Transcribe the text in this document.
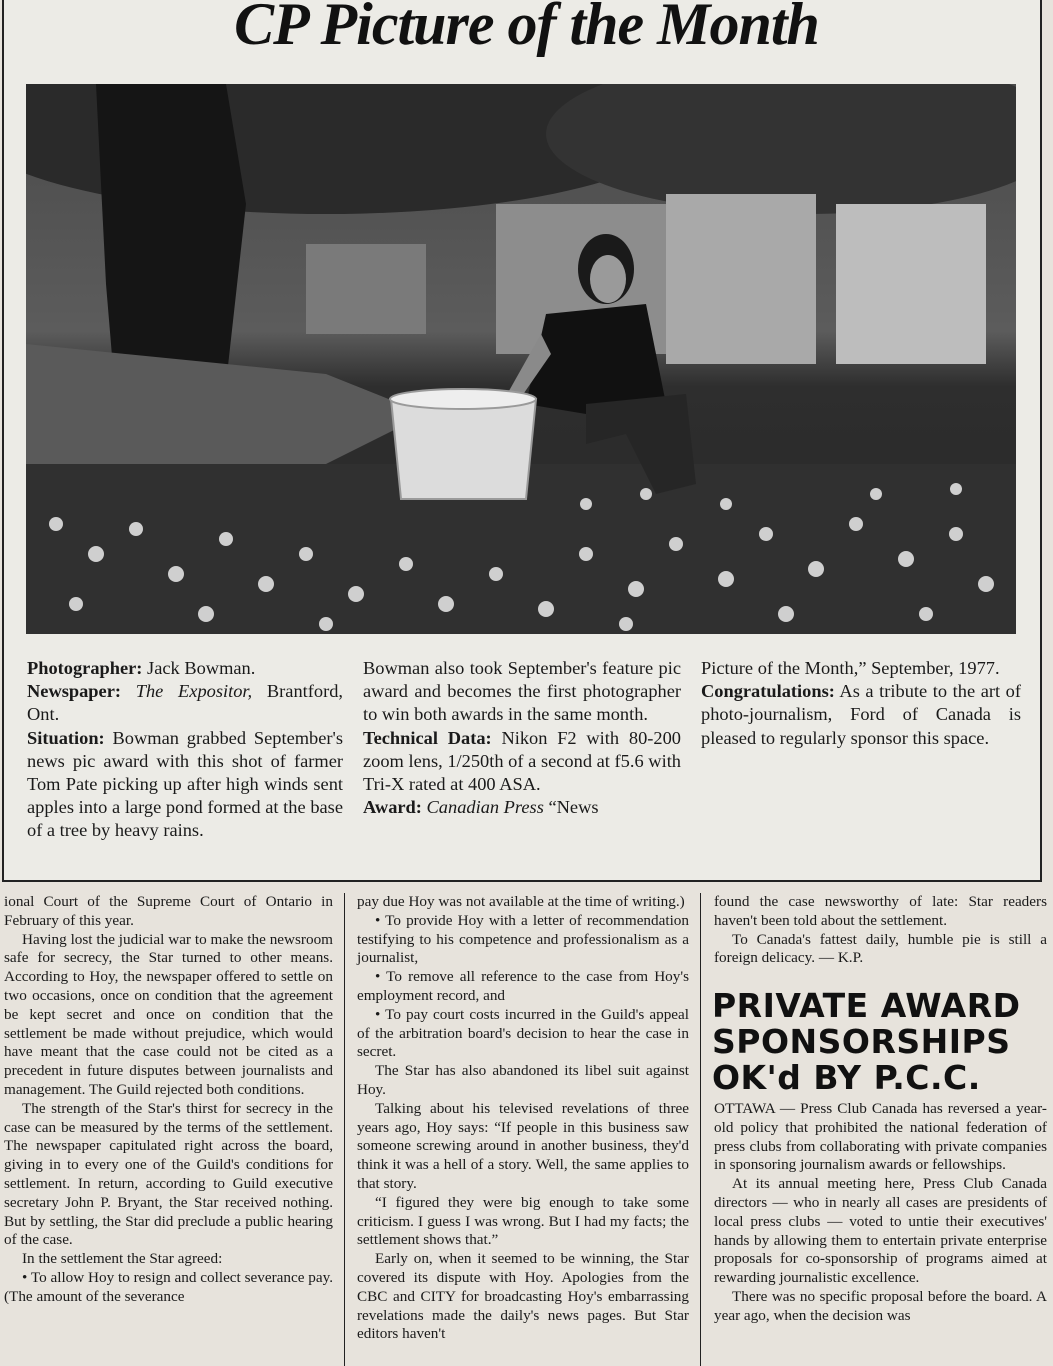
CP Picture of the Month
Photographer: Jack Bowman.
Newspaper: The Expositor, Brantford, Ont.
Situation: Bowman grabbed September's news pic award with this shot of farmer Tom Pate picking up after high winds sent apples into a large pond formed at the base of a tree by heavy rains.
Bowman also took September's feature pic award and becomes the first photographer to win both awards in the same month.
Technical Data: Nikon F2 with 80-200 zoom lens, 1/250th of a second at f5.6 with Tri-X rated at 400 ASA.
Award: Canadian Press “News
Picture of the Month,” September, 1977.
Congratulations: As a tribute to the art of photo-journalism, Ford of Canada is pleased to regularly sponsor this space.

ional Court of the Supreme Court of Ontario in February of this year.

Having lost the judicial war to make the newsroom safe for secrecy, the Star turned to other means. According to Hoy, the newspaper offered to settle on two occasions, once on condition that the agreement be kept secret and once on condition that the settlement be made without prejudice, which would have meant that the case could not be cited as a precedent in future disputes between journalists and management. The Guild rejected both conditions.

The strength of the Star's thirst for secrecy in the case can be measured by the terms of the settlement. The newspaper capitulated right across the board, giving in to every one of the Guild's conditions for settlement. In return, according to Guild executive secretary John P. Bryant, the Star received nothing. But by settling, the Star did preclude a public hearing of the case.

In the settlement the Star agreed:

• To allow Hoy to resign and collect severance pay. (The amount of the severance

pay due Hoy was not available at the time of writing.)

• To provide Hoy with a letter of recommendation testifying to his competence and professionalism as a journalist,

• To remove all reference to the case from Hoy's employment record, and

• To pay court costs incurred in the Guild's appeal of the arbitration board's decision to hear the case in secret.

The Star has also abandoned its libel suit against Hoy.

Talking about his televised revelations of three years ago, Hoy says: “If people in this business saw someone screwing around in another business, they'd think it was a hell of a story. Well, the same applies to that story.

“I figured they were big enough to take some criticism. I guess I was wrong. But I had my facts; the settlement shows that.”

Early on, when it seemed to be winning, the Star covered its dispute with Hoy. Apologies from the CBC and CITY for broadcasting Hoy's embarrassing revelations made the daily's news pages. But Star editors haven't

found the case newsworthy of late: Star readers haven't been told about the settlement.

To Canada's fattest daily, humble pie is still a foreign delicacy. — K.P.

PRIVATE AWARD
SPONSORSHIPS
OK'd BY P.C.C.

OTTAWA — Press Club Canada has reversed a year-old policy that prohibited the national federation of press clubs from collaborating with private companies in sponsoring journalism awards or fellowships.

At its annual meeting here, Press Club Canada directors — who in nearly all cases are presidents of local press clubs — voted to untie their executives' hands by allowing them to entertain private enterprise proposals for co-sponsorship of programs aimed at rewarding journalistic excellence.

There was no specific proposal before the board. A year ago, when the decision was
